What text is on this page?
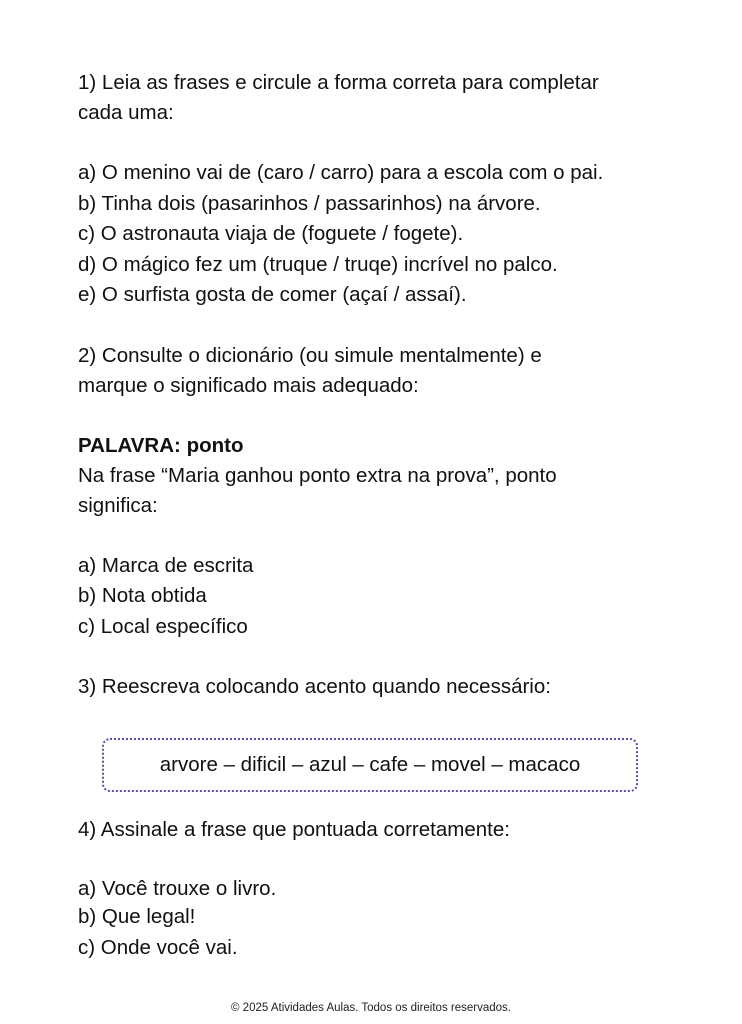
1) Leia as frases e circule a forma correta para completar
cada uma:
a) O menino vai de (caro / carro) para a escola com o pai.
b) Tinha dois (pasarinhos / passarinhos) na árvore.
c) O astronauta viaja de (foguete / fogete).
d) O mágico fez um (truque / truqe) incrível no palco.
e) O surfista gosta de comer (açaí / assaí).
2) Consulte o dicionário (ou simule mentalmente) e
marque o significado mais adequado:
PALAVRA: ponto
Na frase “Maria ganhou ponto extra na prova”, ponto
significa:
a) Marca de escrita
b) Nota obtida
c) Local específico
3) Reescreva colocando acento quando necessário:
arvore – dificil – azul – cafe – movel – macaco
4) Assinale a frase que pontuada corretamente:
a) Você trouxe o livro.
b) Que legal!
c) Onde você vai.
© 2025 Atividades Aulas. Todos os direitos reservados.
